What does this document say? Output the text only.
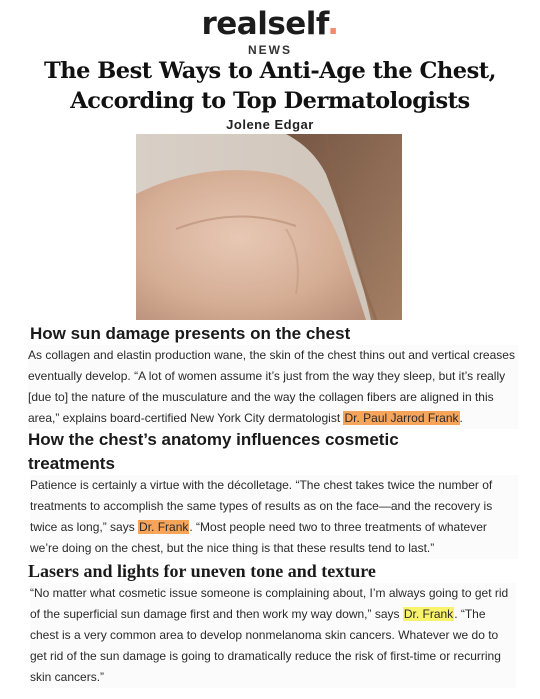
realself.
NEWS
The Best Ways to Anti-Age the Chest,
According to Top Dermatologists
Jolene Edgar
How sun damage presents on the chest
As collagen and elastin production wane, the skin of the chest thins out and vertical creases eventually develop. “A lot of women assume it’s just from the way they sleep, but it’s really [due to] the nature of the musculature and the way the collagen fibers are aligned in this area,” explains board-certified New York City dermatologist Dr. Paul Jarrod Frank.
How the chest’s anatomy influences cosmetic
treatments
Patience is certainly a virtue with the décolletage. “The chest takes twice the number of treatments to accomplish the same types of results as on the face—and the recovery is twice as long,” says Dr. Frank. “Most people need two to three treatments of whatever we’re doing on the chest, but the nice thing is that these results tend to last.”
Lasers and lights for uneven tone and texture
“No matter what cosmetic issue someone is complaining about, I’m always going to get rid of the superficial sun damage first and then work my way down,” says Dr. Frank. “The chest is a very common area to develop nonmelanoma skin cancers. Whatever we do to get rid of the sun damage is going to dramatically reduce the risk of first-time or recurring skin cancers.”
